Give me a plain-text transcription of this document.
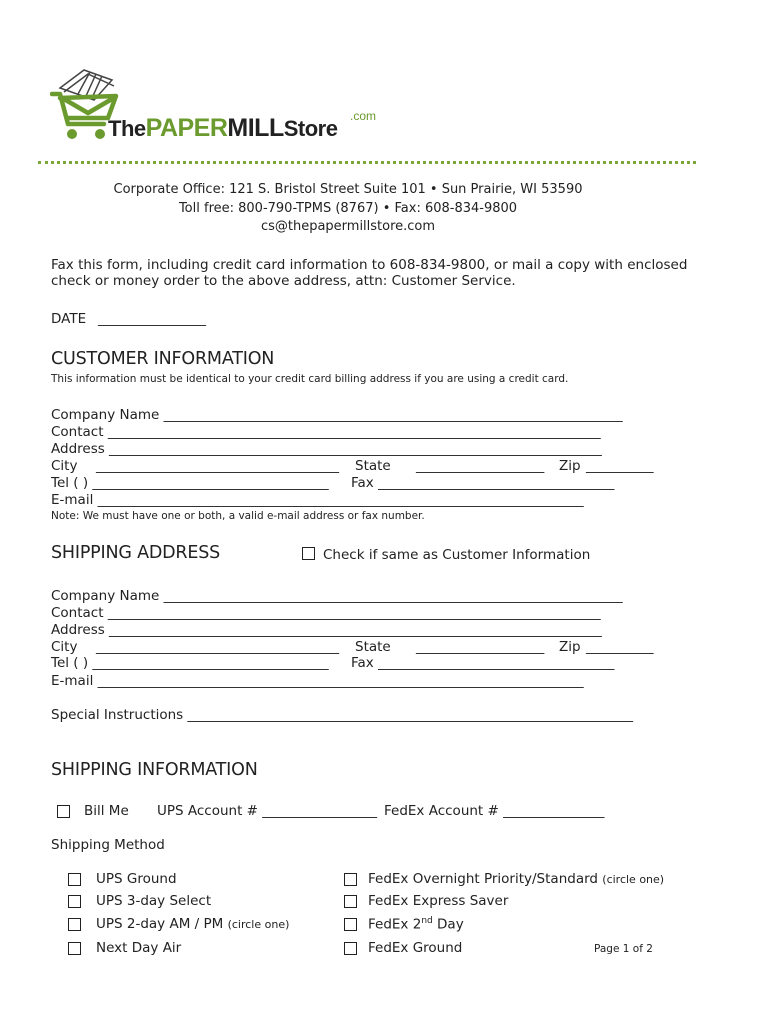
ThePAPERMILLStore .com
Corporate Office: 121 S. Bristol Street Suite 101 • Sun Prairie, WI 53590
Toll free: 800-790-TPMS (8767) • Fax: 608-834-9800
cs@thepapermillstore.com
Fax this form, including credit card information to 608-834-9800, or mail a copy with enclosed
check or money order to the above address, attn: Customer Service.
DATE ________________
CUSTOMER INFORMATION
This information must be identical to your credit card billing address if you are using a credit card.
Company Name ____________________________________________________________________
Contact _________________________________________________________________________
Address _________________________________________________________________________
City ____________________________________ State ___________________ Zip __________
Tel ( ) ___________________________________ Fax ___________________________________
E-mail ________________________________________________________________________
Note: We must have one or both, a valid e-mail address or fax number.
SHIPPING ADDRESS	Check if same as Customer Information
Company Name ____________________________________________________________________
Contact _________________________________________________________________________
Address _________________________________________________________________________
City ____________________________________ State ___________________ Zip __________
Tel ( ) ___________________________________ Fax ___________________________________
E-mail ________________________________________________________________________
Special Instructions __________________________________________________________________
SHIPPING INFORMATION
Bill Me UPS Account # _________________ FedEx Account # _______________
Shipping Method
UPS Ground
UPS 3-day Select
UPS 2-day AM / PM (circle one)
Next Day Air
FedEx Overnight Priority/Standard (circle one)
FedEx Express Saver
FedEx 2nd Day
FedEx Ground	Page 1 of 2
